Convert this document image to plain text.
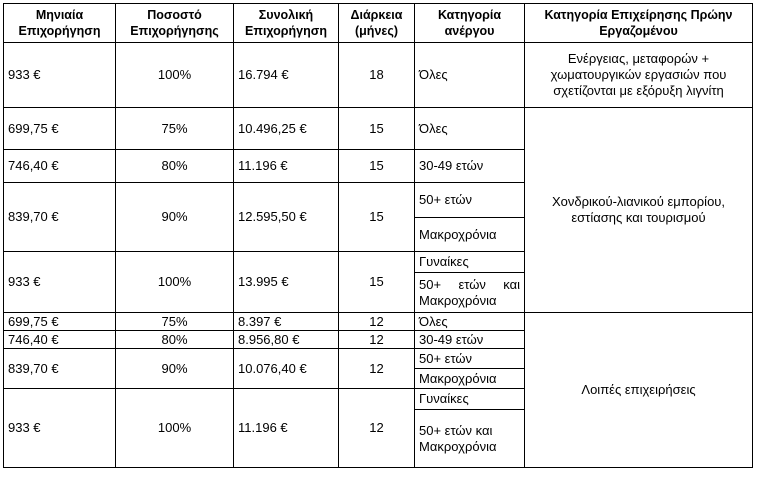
Μηνιαία Επιχορήγηση	Ποσοστό Επιχορήγησης	Συνολική Επιχορήγηση	Διάρκεια (μήνες)	Κατηγορία ανέργου	Κατηγορία Επιχείρησης Πρώην Εργαζομένου
933 €	100%	16.794 €	18	Όλες	Ενέργειας, μεταφορών + χωματουργικών εργασιών που σχετίζονται με εξόρυξη λιγνίτη
699,75 €	75%	10.496,25 €	15	Όλες	Χονδρικού-λιανικού εμπορίου, εστίασης και τουρισμού
746,40 €	80%	11.196 €	15	30-49 ετών	
839,70 €	90%	12.595,50 €	15	50+ ετών	
				Μακροχρόνια	
933 €	100%	13.995 €	15	Γυναίκες	
				50+ ετών και Μακροχρόνια	
699,75 €	75%	8.397 €	12	Όλες	Λοιπές επιχειρήσεις
746,40 €	80%	8.956,80 €	12	30-49 ετών	
839,70 €	90%	10.076,40 €	12	50+ ετών	
				Μακροχρόνια	
933 €	100%	11.196 €	12	Γυναίκες	
				50+ ετών και Μακροχρόνια	
